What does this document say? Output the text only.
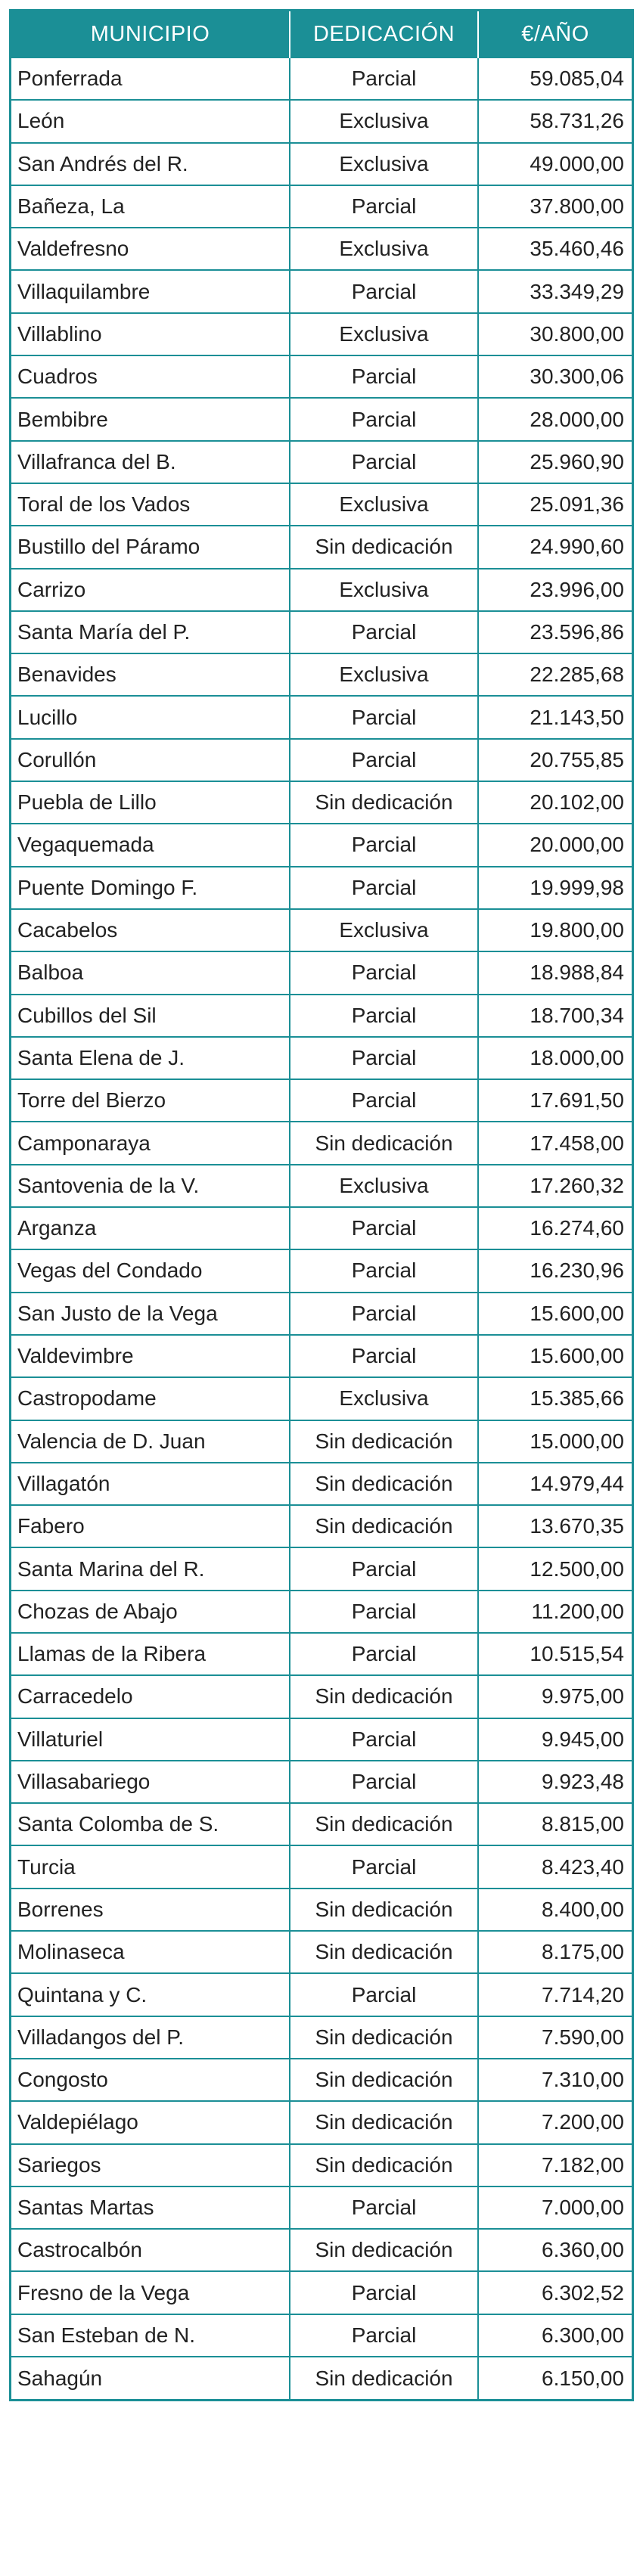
MUNICIPIO	DEDICACIÓN	€/AÑO
Ponferrada	Parcial	59.085,04
León	Exclusiva	58.731,26
San Andrés del R.	Exclusiva	49.000,00
Bañeza, La	Parcial	37.800,00
Valdefresno	Exclusiva	35.460,46
Villaquilambre	Parcial	33.349,29
Villablino	Exclusiva	30.800,00
Cuadros	Parcial	30.300,06
Bembibre	Parcial	28.000,00
Villafranca del B.	Parcial	25.960,90
Toral de los Vados	Exclusiva	25.091,36
Bustillo del Páramo	Sin dedicación	24.990,60
Carrizo	Exclusiva	23.996,00
Santa María del P.	Parcial	23.596,86
Benavides	Exclusiva	22.285,68
Lucillo	Parcial	21.143,50
Corullón	Parcial	20.755,85
Puebla de Lillo	Sin dedicación	20.102,00
Vegaquemada	Parcial	20.000,00
Puente Domingo F.	Parcial	19.999,98
Cacabelos	Exclusiva	19.800,00
Balboa	Parcial	18.988,84
Cubillos del Sil	Parcial	18.700,34
Santa Elena de J.	Parcial	18.000,00
Torre del Bierzo	Parcial	17.691,50
Camponaraya	Sin dedicación	17.458,00
Santovenia de la V.	Exclusiva	17.260,32
Arganza	Parcial	16.274,60
Vegas del Condado	Parcial	16.230,96
San Justo de la Vega	Parcial	15.600,00
Valdevimbre	Parcial	15.600,00
Castropodame	Exclusiva	15.385,66
Valencia de D. Juan	Sin dedicación	15.000,00
Villagatón	Sin dedicación	14.979,44
Fabero	Sin dedicación	13.670,35
Santa Marina del R.	Parcial	12.500,00
Chozas de Abajo	Parcial	11.200,00
Llamas de la Ribera	Parcial	10.515,54
Carracedelo	Sin dedicación	9.975,00
Villaturiel	Parcial	9.945,00
Villasabariego	Parcial	9.923,48
Santa Colomba de S.	Sin dedicación	8.815,00
Turcia	Parcial	8.423,40
Borrenes	Sin dedicación	8.400,00
Molinaseca	Sin dedicación	8.175,00
Quintana y C.	Parcial	7.714,20
Villadangos del P.	Sin dedicación	7.590,00
Congosto	Sin dedicación	7.310,00
Valdepiélago	Sin dedicación	7.200,00
Sariegos	Sin dedicación	7.182,00
Santas Martas	Parcial	7.000,00
Castrocalbón	Sin dedicación	6.360,00
Fresno de la Vega	Parcial	6.302,52
San Esteban de N.	Parcial	6.300,00
Sahagún	Sin dedicación	6.150,00
